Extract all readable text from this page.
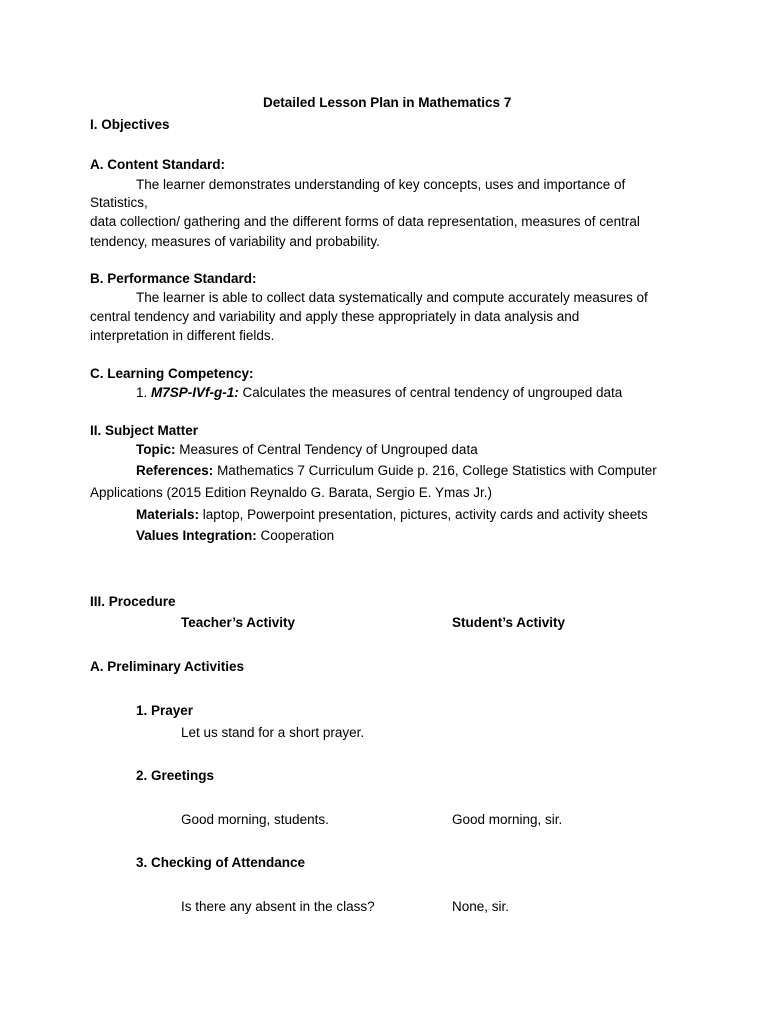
Detailed Lesson Plan in Mathematics 7
I. Objectives
A. Content Standard:
The learner demonstrates understanding of key concepts, uses and importance of
Statistics,
data collection/ gathering and the different forms of data representation, measures of central
tendency, measures of variability and probability.
B. Performance Standard:
The learner is able to collect data systematically and compute accurately measures of
central tendency and variability and apply these appropriately in data analysis and
interpretation in different fields.
C. Learning Competency:
1. M7SP-IVf-g-1: Calculates the measures of central tendency of ungrouped data
II. Subject Matter
Topic: Measures of Central Tendency of Ungrouped data
References: Mathematics 7 Curriculum Guide p. 216, College Statistics with Computer
Applications (2015 Edition Reynaldo G. Barata, Sergio E. Ymas Jr.)
Materials: laptop, Powerpoint presentation, pictures, activity cards and activity sheets
Values Integration: Cooperation
III. Procedure
Teacher’s Activity	Student’s Activity
A. Preliminary Activities
1. Prayer
Let us stand for a short prayer.
2. Greetings
Good morning, students.	Good morning, sir.
3. Checking of Attendance
Is there any absent in the class?	None, sir.
